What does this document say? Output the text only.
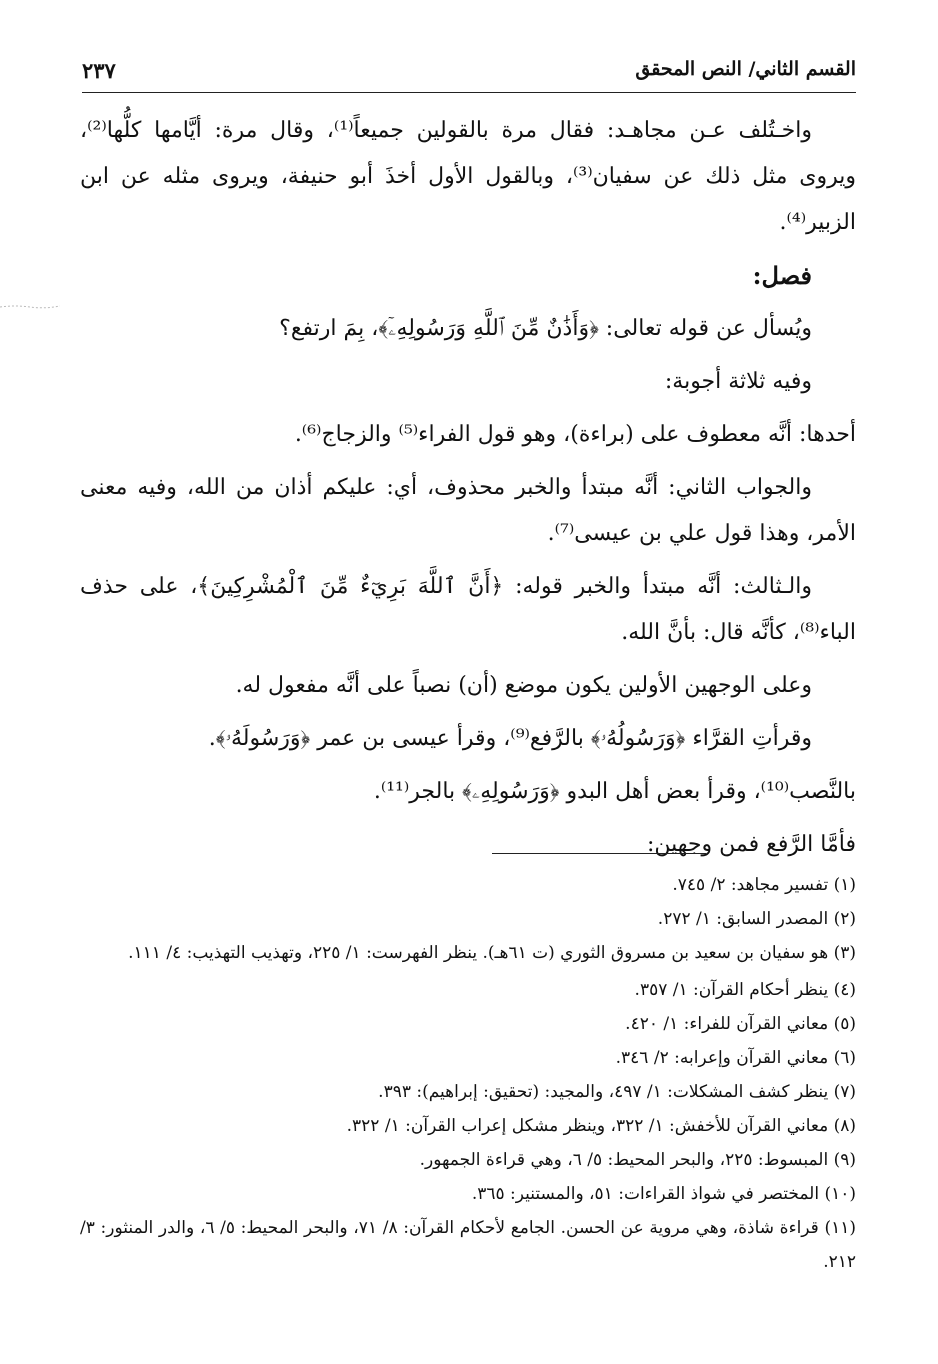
القسم الثاني/ النص المحقق
٢٣٧

واخـتُلف عـن مجاهـد: فقال مرة بالقولين جميعاً⁽¹⁾، وقال مرة: أيَّامها كلُّها⁽²⁾، ويروى مثل ذلك عن سفيان⁽³⁾، وبالقول الأول أخذَ أبو حنيفة، ويروى مثله عن ابن الزبير⁽⁴⁾.

فصل:

ويُسأل عن قوله تعالى: ﴿وَأَذَٰنٌ مِّنَ ٱللَّهِ وَرَسُولِهِۦٓ﴾، بِمَ ارتفع؟

وفيه ثلاثة أجوبة:

أحدها: أنَّه معطوف على (براءة)، وهو قول الفراء⁽⁵⁾ والزجاج⁽⁶⁾.

والجواب الثاني: أنَّه مبتدأ والخبر محذوف، أي: عليكم أذان من الله، وفيه معنى الأمر، وهذا قول علي بن عيسى⁽⁷⁾.

والـثالث: أنَّه مبتدأ والخبر قوله: ﴿أَنَّ ٱللَّهَ بَرِيٓءٌ مِّنَ ٱلْمُشْرِكِينَ﴾، على حذف الباء⁽⁸⁾، كأنَّه قال: بأنَّ الله.

وعلى الوجهين الأولين يكون موضع (أن) نصباً على أنَّه مفعول له.

وقرأتِ القرَّاء ﴿وَرَسُولُهُۥ﴾ بالرَّفع⁽⁹⁾، وقرأ عيسى بن عمر ﴿وَرَسُولَهُۥ﴾.

بالنَّصب⁽¹⁰⁾، وقرأ بعض أهل البدو ﴿وَرَسُولِهِۦ﴾ بالجر⁽¹¹⁾.

فأمَّا الرَّفع فمن وجهين:

(١) تفسير مجاهد: ٢/ ٧٤٥.

(٢) المصدر السابق: ١/ ٢٧٢.

(٣) هو سفيان بن سعيد بن مسروق الثوري (ت ٦١هـ). ينظر الفهرست: ١/ ٢٢٥، وتهذيب التهذيب: ٤/ ١١١.

(٤) ينظر أحكام القرآن: ١/ ٣٥٧.

(٥) معاني القرآن للفراء: ١/ ٤٢٠.

(٦) معاني القرآن وإعرابه: ٢/ ٣٤٦.

(٧) ينظر كشف المشكلات: ١/ ٤٩٧، والمجيد: (تحقيق: إبراهيم): ٣٩٣.

(٨) معاني القرآن للأخفش: ١/ ٣٢٢، وينظر مشكل إعراب القرآن: ١/ ٣٢٢.

(٩) المبسوط: ٢٢٥، والبحر المحيط: ٥/ ٦، وهي قراءة الجمهور.

(١٠) المختصر في شواذ القراءات: ٥١، والمستنير: ٣٦٥.

(١١) قراءة شاذة، وهي مروية عن الحسن. الجامع لأحكام القرآن: ٨/ ٧١، والبحر المحيط: ٥/ ٦، والدر المنثور: ٣/ ٢١٢.
